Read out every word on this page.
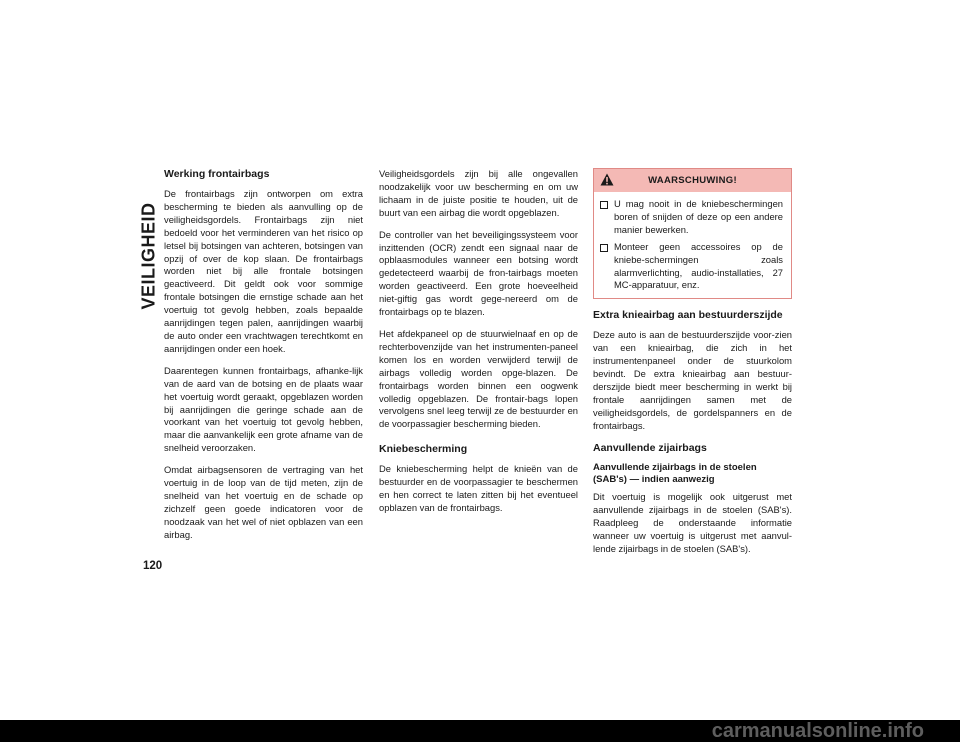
VEILIGHEID
120
Werking frontairbags

De frontairbags zijn ontworpen om extra bescherming te bieden als aanvulling op de veiligheidsgordels. Frontairbags zijn niet bedoeld voor het verminderen van het risico op letsel bij botsingen van achteren, botsingen van opzij of over de kop slaan. De frontairbags worden niet bij alle frontale botsingen geactiveerd. Dit geldt ook voor sommige frontale botsingen die ernstige schade aan het voertuig tot gevolg hebben, zoals bepaalde aanrijdingen tegen palen, aanrijdingen waarbij de auto onder een vrachtwagen terechtkomt en aanrijdingen onder een hoek.

Daarentegen kunnen frontairbags, afhanke-lijk van de aard van de botsing en de plaats waar het voertuig wordt geraakt, opgeblazen worden bij aanrijdingen die geringe schade aan de voorkant van het voertuig tot gevolg hebben, maar die aanvankelijk een grote afname van de snelheid veroorzaken.

Omdat airbagsensoren de vertraging van het voertuig in de loop van de tijd meten, zijn de snelheid van het voertuig en de schade op zichzelf geen goede indicatoren voor de noodzaak van het wel of niet opblazen van een airbag.

Veiligheidsgordels zijn bij alle ongevallen noodzakelijk voor uw bescherming en om uw lichaam in de juiste positie te houden, uit de buurt van een airbag die wordt opgeblazen.

De controller van het beveiligingssysteem voor inzittenden (OCR) zendt een signaal naar de opblaasmodules wanneer een botsing wordt gedetecteerd waarbij de fron-tairbags moeten worden geactiveerd. Een grote hoeveelheid niet-giftig gas wordt gege-nereerd om de frontairbags op te blazen.

Het afdekpaneel op de stuurwielnaaf en op de rechterbovenzijde van het instrumenten-paneel komen los en worden verwijderd terwijl de airbags volledig worden opge-blazen. De frontairbags worden binnen een oogwenk volledig opgeblazen. De frontair-bags lopen vervolgens snel leeg terwijl ze de bestuurder en de voorpassagier bescherming bieden.

Kniebescherming

De kniebescherming helpt de knieën van de bestuurder en de voorpassagier te beschermen en hen correct te laten zitten bij het eventueel opblazen van de frontairbags.

WAARSCHUWING!
U mag nooit in de kniebeschermingen boren of snijden of deze op een andere manier bewerken.
Monteer geen accessoires op de kniebe-schermingen zoals alarmverlichting, audio-installaties, 27 MC-apparatuur, enz.
Extra knieairbag aan bestuurderszijde

Deze auto is aan de bestuurderszijde voor-zien van een knieairbag, die zich in het instrumentenpaneel onder de stuurkolom bevindt. De extra knieairbag aan bestuur-derszijde biedt meer bescherming in werkt bij frontale aanrijdingen samen met de veiligheidsgordels, de gordelspanners en de frontairbags.

Aanvullende zijairbags
Aanvullende zijairbags in de stoelen (SAB's) — indien aanwezig

Dit voertuig is mogelijk ook uitgerust met aanvullende zijairbags in de stoelen (SAB's). Raadpleeg de onderstaande informatie wanneer uw voertuig is uitgerust met aanvul-lende zijairbags in de stoelen (SAB's).

carmanualsonline.info
